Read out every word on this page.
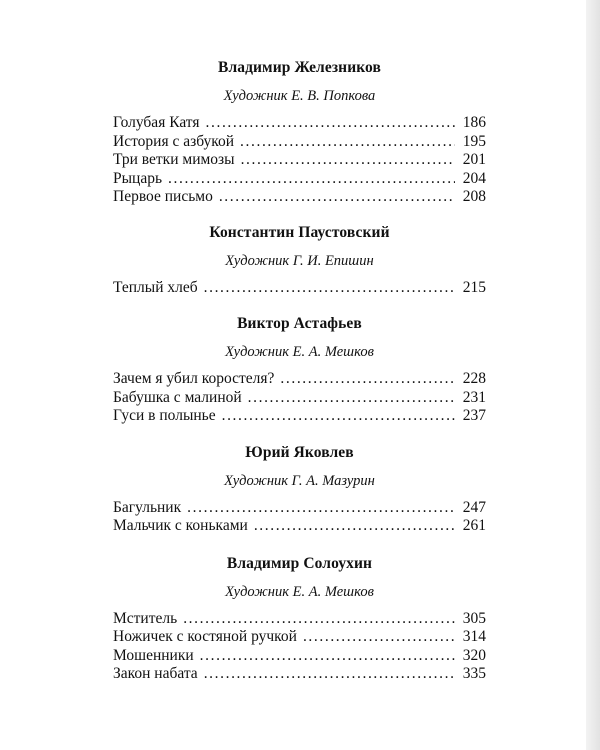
Владимир Железников

Художник Е. В. Попкова

Голубая Катя .....	186
История с азбукой .....	195
Три ветки мимозы .....	201
Рыцарь .....	204
Первое письмо .....	208
Константин Паустовский

Художник Г. И. Епишин

Теплый хлеб .....	215
Виктор Астафьев

Художник Е. А. Мешков

Зачем я убил коростеля? .....	228
Бабушка с малиной .....	231
Гуси в полынье .....	237
Юрий Яковлев

Художник Г. А. Мазурин

Багульник .....	247
Мальчик с коньками .....	261
Владимир Солоухин

Художник Е. А. Мешков

Мститель .....	305
Ножичек с костяной ручкой .....	314
Мошенники .....	320
Закон набата .....	335
